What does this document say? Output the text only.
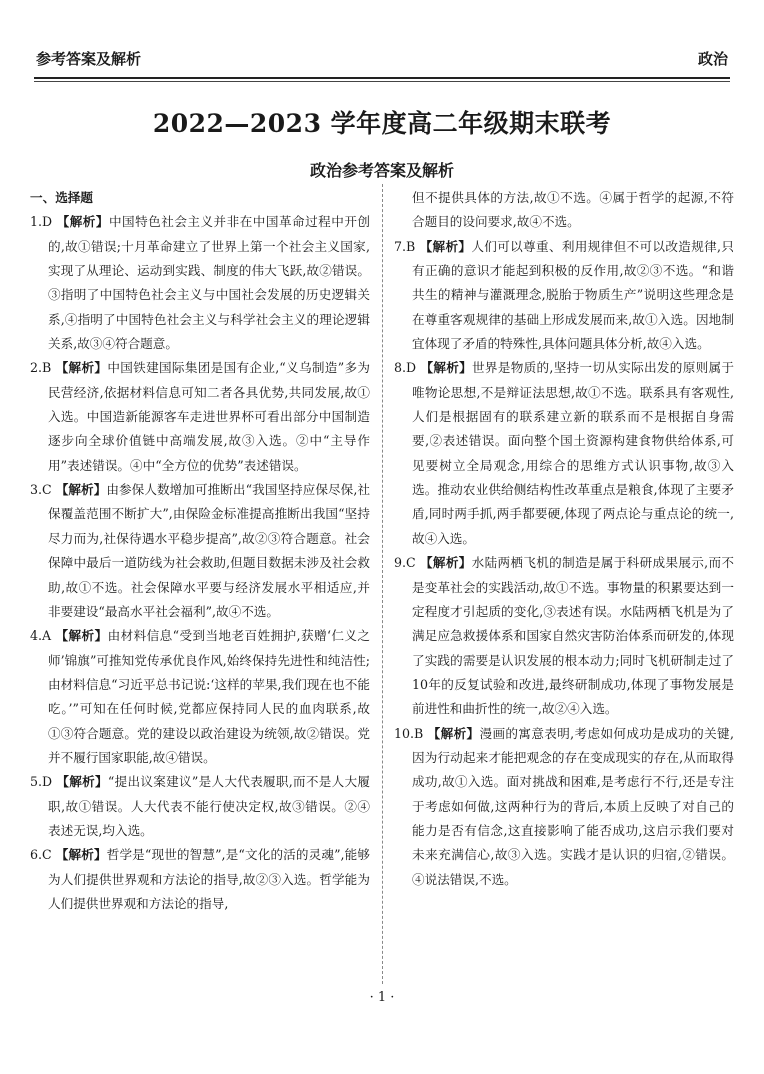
参考答案及解析	政治
2022—2023 学年度高二年级期末联考
政治参考答案及解析
一、选择题

1.D 【解析】中国特色社会主义并非在中国革命过程中开创的,故①错误;十月革命建立了世界上第一个社会主义国家,实现了从理论、运动到实践、制度的伟大飞跃,故②错误。③指明了中国特色社会主义与中国社会发展的历史逻辑关系,④指明了中国特色社会主义与科学社会主义的理论逻辑关系,故③④符合题意。

2.B 【解析】中国铁建国际集团是国有企业,“义乌制造”多为民营经济,依据材料信息可知二者各具优势,共同发展,故①入选。中国造新能源客车走进世界杯可看出部分中国制造逐步向全球价值链中高端发展,故③入选。②中“主导作用”表述错误。④中“全方位的优势”表述错误。

3.C 【解析】由参保人数增加可推断出“我国坚持应保尽保,社保覆盖范围不断扩大”,由保险金标准提高推断出我国“坚持尽力而为,社保待遇水平稳步提高”,故②③符合题意。社会保障中最后一道防线为社会救助,但题目数据未涉及社会救助,故①不选。社会保障水平要与经济发展水平相适应,并非要建设“最高水平社会福利”,故④不选。

4.A 【解析】由材料信息“受到当地老百姓拥护,获赠‘仁义之师’锦旗”可推知党传承优良作风,始终保持先进性和纯洁性;由材料信息“习近平总书记说:‘这样的苹果,我们现在也不能吃。’”可知在任何时候,党都应保持同人民的血肉联系,故①③符合题意。党的建设以政治建设为统领,故②错误。党并不履行国家职能,故④错误。

5.D 【解析】“提出议案建议”是人大代表履职,而不是人大履职,故①错误。人大代表不能行使决定权,故③错误。②④表述无误,均入选。

6.C 【解析】哲学是“现世的智慧”,是“文化的活的灵魂”,能够为人们提供世界观和方法论的指导,故②③入选。哲学能为人们提供世界观和方法论的指导,

但不提供具体的方法,故①不选。④属于哲学的起源,不符合题目的设问要求,故④不选。

7.B 【解析】人们可以尊重、利用规律但不可以改造规律,只有正确的意识才能起到积极的反作用,故②③不选。“和谐共生的精神与灌溉理念,脱胎于物质生产”说明这些理念是在尊重客观规律的基础上形成发展而来,故①入选。因地制宜体现了矛盾的特殊性,具体问题具体分析,故④入选。

8.D 【解析】世界是物质的,坚持一切从实际出发的原则属于唯物论思想,不是辩证法思想,故①不选。联系具有客观性,人们是根据固有的联系建立新的联系而不是根据自身需要,②表述错误。面向整个国土资源构建食物供给体系,可见要树立全局观念,用综合的思维方式认识事物,故③入选。推动农业供给侧结构性改革重点是粮食,体现了主要矛盾,同时两手抓,两手都要硬,体现了两点论与重点论的统一,故④入选。

9.C 【解析】水陆两栖飞机的制造是属于科研成果展示,而不是变革社会的实践活动,故①不选。事物量的积累要达到一定程度才引起质的变化,③表述有误。水陆两栖飞机是为了满足应急救援体系和国家自然灾害防治体系而研发的,体现了实践的需要是认识发展的根本动力;同时飞机研制走过了10年的反复试验和改进,最终研制成功,体现了事物发展是前进性和曲折性的统一,故②④入选。

10.B 【解析】漫画的寓意表明,考虑如何成功是成功的关键,因为行动起来才能把观念的存在变成现实的存在,从而取得成功,故①入选。面对挑战和困难,是考虑行不行,还是专注于考虑如何做,这两种行为的背后,本质上反映了对自己的能力是否有信念,这直接影响了能否成功,这启示我们要对未来充满信心,故③入选。实践才是认识的归宿,②错误。④说法错误,不选。

· 1 ·
